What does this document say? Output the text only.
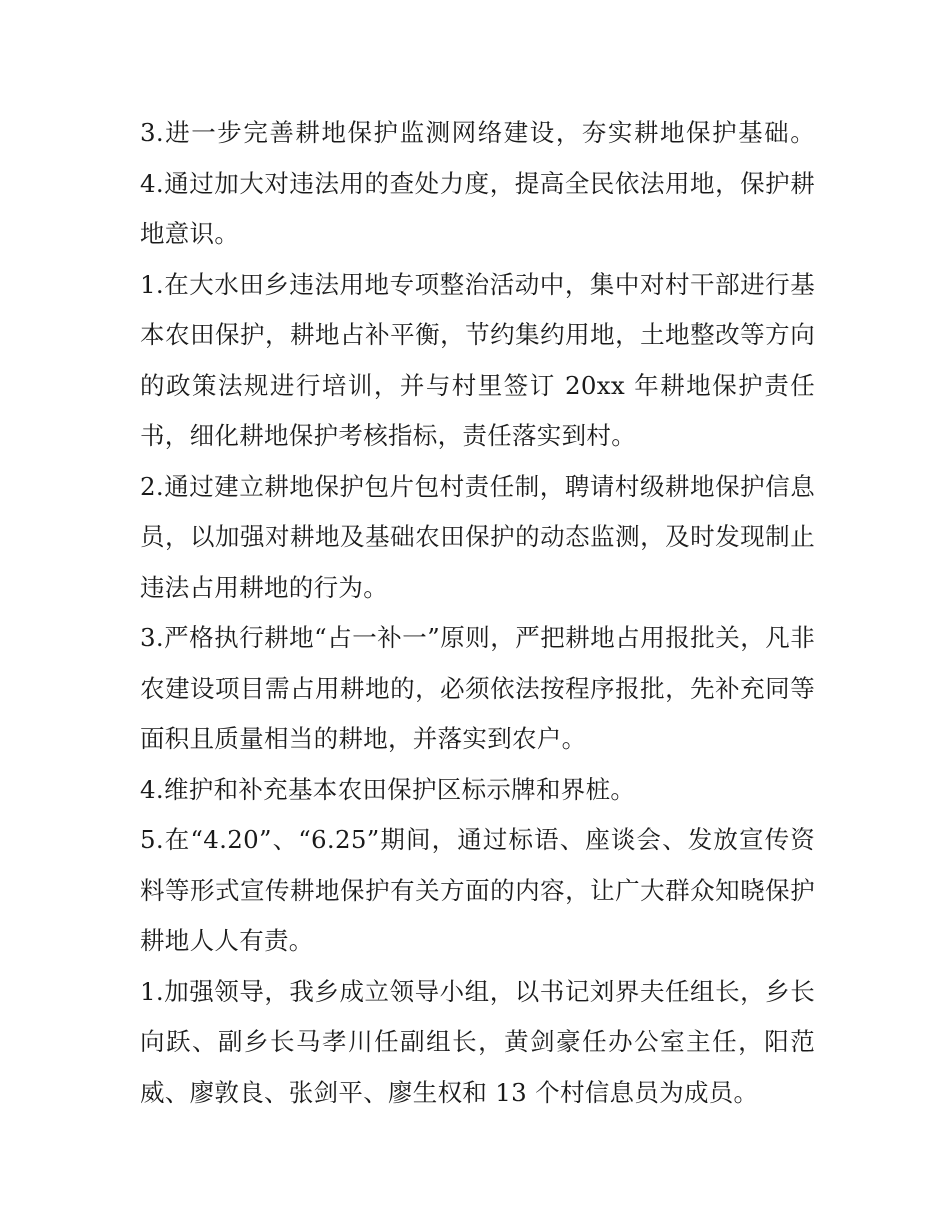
3.进一步完善耕地保护监测网络建设，夯实耕地保护基础。 4.通过加大对违法用的查处力度，提高全民依法用地，保护耕地意识。

1.在大水田乡违法用地专项整治活动中，集中对村干部进行基本农田保护，耕地占补平衡，节约集约用地，土地整改等方向的政策法规进行培训，并与村里签订 20xx 年耕地保护责任书，细化耕地保护考核指标，责任落实到村。

2.通过建立耕地保护包片包村责任制，聘请村级耕地保护信息员，以加强对耕地及基础农田保护的动态监测，及时发现制止违法占用耕地的行为。

3.严格执行耕地“占一补一”原则，严把耕地占用报批关，凡非农建设项目需占用耕地的，必须依法按程序报批，先补充同等面积且质量相当的耕地，并落实到农户。

4.维护和补充基本农田保护区标示牌和界桩。

5.在“4.20”、“6.25”期间，通过标语、座谈会、发放宣传资料等形式宣传耕地保护有关方面的内容，让广大群众知晓保护耕地人人有责。

1.加强领导，我乡成立领导小组，以书记刘界夫任组长，乡长向跃、副乡长马孝川任副组长，黄剑豪任办公室主任，阳范威、廖敦良、张剑平、廖生权和 13 个村信息员为成员。
